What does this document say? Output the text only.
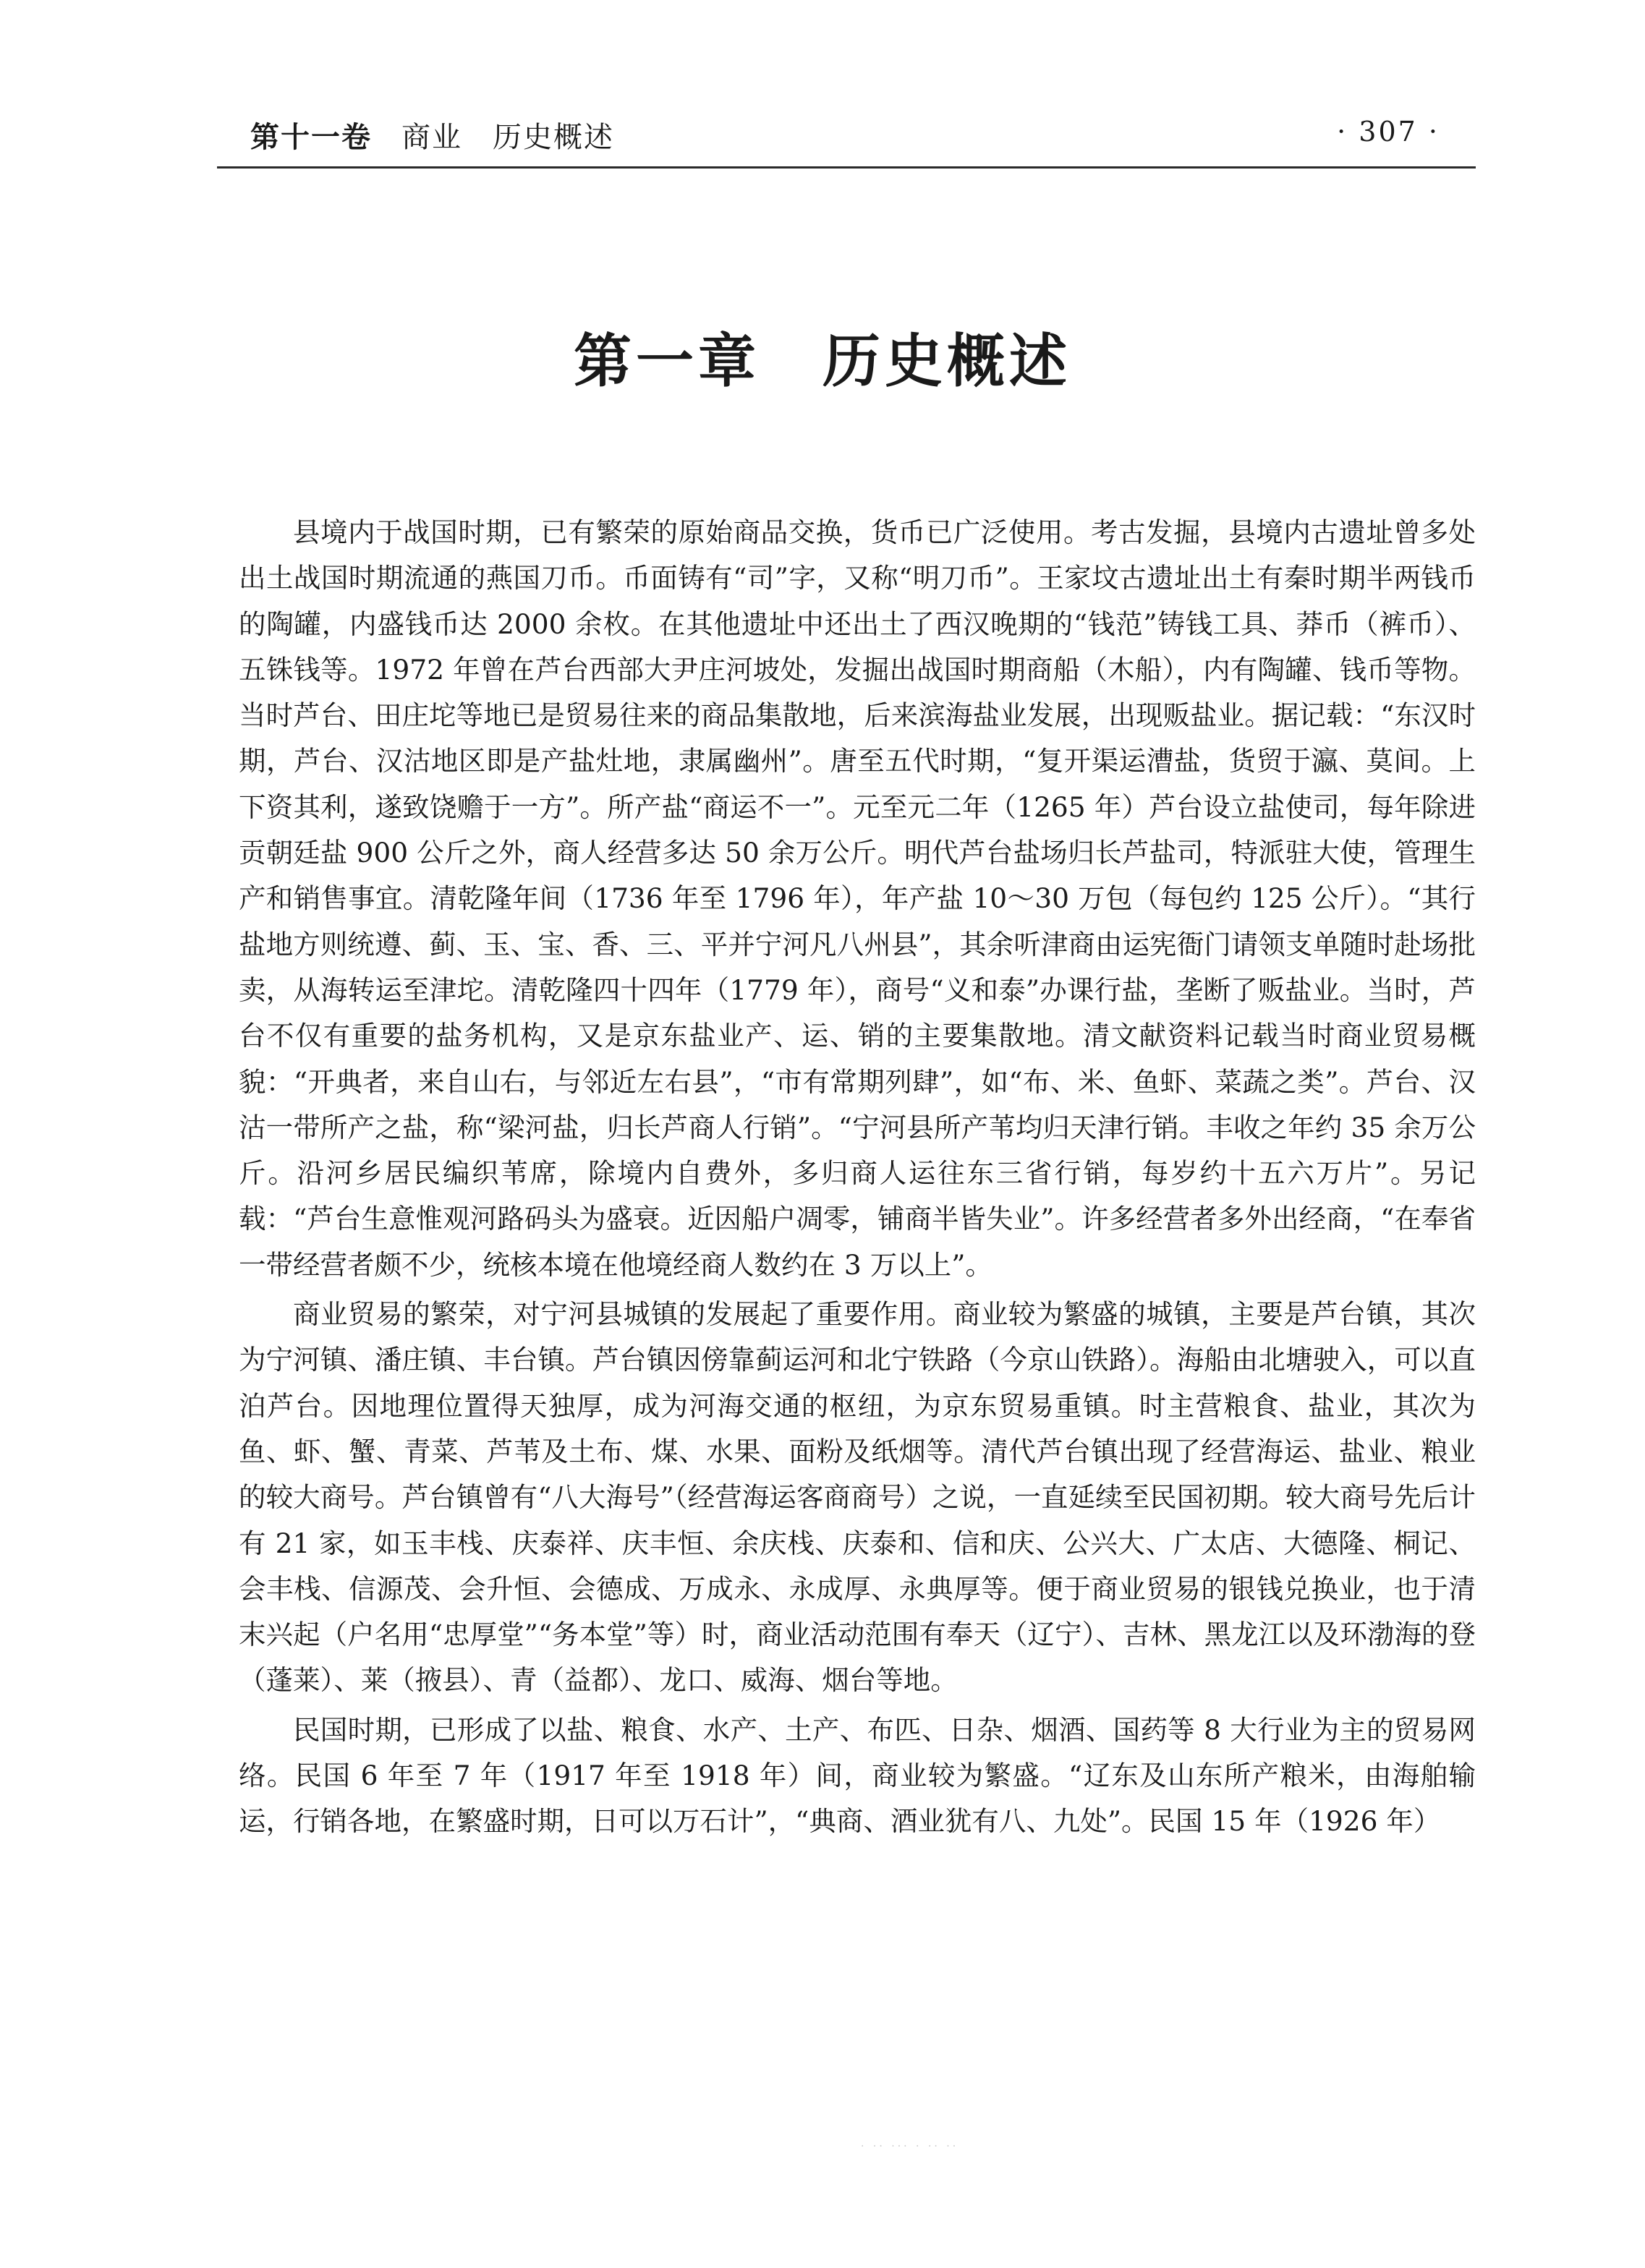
第十一卷 商业　历史概述	· 307 ·
第一章　历史概述

县境内于战国时期，已有繁荣的原始商品交换，货币已广泛使用。考古发掘，县境内古遗址曾多处出土战国时期流通的燕国刀币。币面铸有“司”字，又称“明刀币”。王家坟古遗址出土有秦时期半两钱币的陶罐，内盛钱币达 2000 余枚。在其他遗址中还出土了西汉晚期的“钱范”铸钱工具、莽币（裤币）、五铢钱等。1972 年曾在芦台西部大尹庄河坡处，发掘出战国时期商船（木船），内有陶罐、钱币等物。当时芦台、田庄坨等地已是贸易往来的商品集散地，后来滨海盐业发展，出现贩盐业。据记载：“东汉时期，芦台、汉沽地区即是产盐灶地，隶属幽州”。唐至五代时期，“复开渠运漕盐，货贸于瀛、莫间。上下资其利，遂致饶赡于一方”。所产盐“商运不一”。元至元二年（1265 年）芦台设立盐使司，每年除进贡朝廷盐 900 公斤之外，商人经营多达 50 余万公斤。明代芦台盐场归长芦盐司，特派驻大使，管理生产和销售事宜。清乾隆年间（1736 年至 1796 年），年产盐 10～30 万包（每包约 125 公斤）。“其行盐地方则统遵、蓟、玉、宝、香、三、平并宁河凡八州县”，其余听津商由运宪衙门请领支单随时赴场批卖，从海转运至津坨。清乾隆四十四年（1779 年），商号“义和泰”办课行盐，垄断了贩盐业。当时，芦台不仅有重要的盐务机构，又是京东盐业产、运、销的主要集散地。清文献资料记载当时商业贸易概貌：“开典者，来自山右，与邻近左右县”，“市有常期列肆”，如“布、米、鱼虾、菜蔬之类”。芦台、汉沽一带所产之盐，称“梁河盐，归长芦商人行销”。“宁河县所产苇均归天津行销。丰收之年约 35 余万公斤。沿河乡居民编织苇席，除境内自费外，多归商人运往东三省行销，每岁约十五六万片”。另记载：“芦台生意惟观河路码头为盛衰。近因船户凋零，铺商半皆失业”。许多经营者多外出经商，“在奉省一带经营者颇不少，统核本境在他境经商人数约在 3 万以上”。

商业贸易的繁荣，对宁河县城镇的发展起了重要作用。商业较为繁盛的城镇，主要是芦台镇，其次为宁河镇、潘庄镇、丰台镇。芦台镇因傍靠蓟运河和北宁铁路（今京山铁路）。海船由北塘驶入，可以直泊芦台。因地理位置得天独厚，成为河海交通的枢纽，为京东贸易重镇。时主营粮食、盐业，其次为鱼、虾、蟹、青菜、芦苇及土布、煤、水果、面粉及纸烟等。清代芦台镇出现了经营海运、盐业、粮业的较大商号。芦台镇曾有“八大海号”（经营海运客商商号）之说，一直延续至民国初期。较大商号先后计有 21 家，如玉丰栈、庆泰祥、庆丰恒、余庆栈、庆泰和、信和庆、公兴大、广太店、大德隆、桐记、会丰栈、信源茂、会升恒、会德成、万成永、永成厚、永典厚等。便于商业贸易的银钱兑换业，也于清末兴起（户名用“忠厚堂”“务本堂”等）时，商业活动范围有奉天（辽宁）、吉林、黑龙江以及环渤海的登（蓬莱）、莱（掖县）、青（益都）、龙口、威海、烟台等地。

民国时期，已形成了以盐、粮食、水产、土产、布匹、日杂、烟酒、国药等 8 大行业为主的贸易网络。民国 6 年至 7 年（1917 年至 1918 年）间，商业较为繁盛。“辽东及山东所产粮米，由海舶输运，行销各地，在繁盛时期，日可以万石计”，“典商、酒业犹有八、九处”。民国 15 年（1926 年）

· ·· ··· · ·· ··
